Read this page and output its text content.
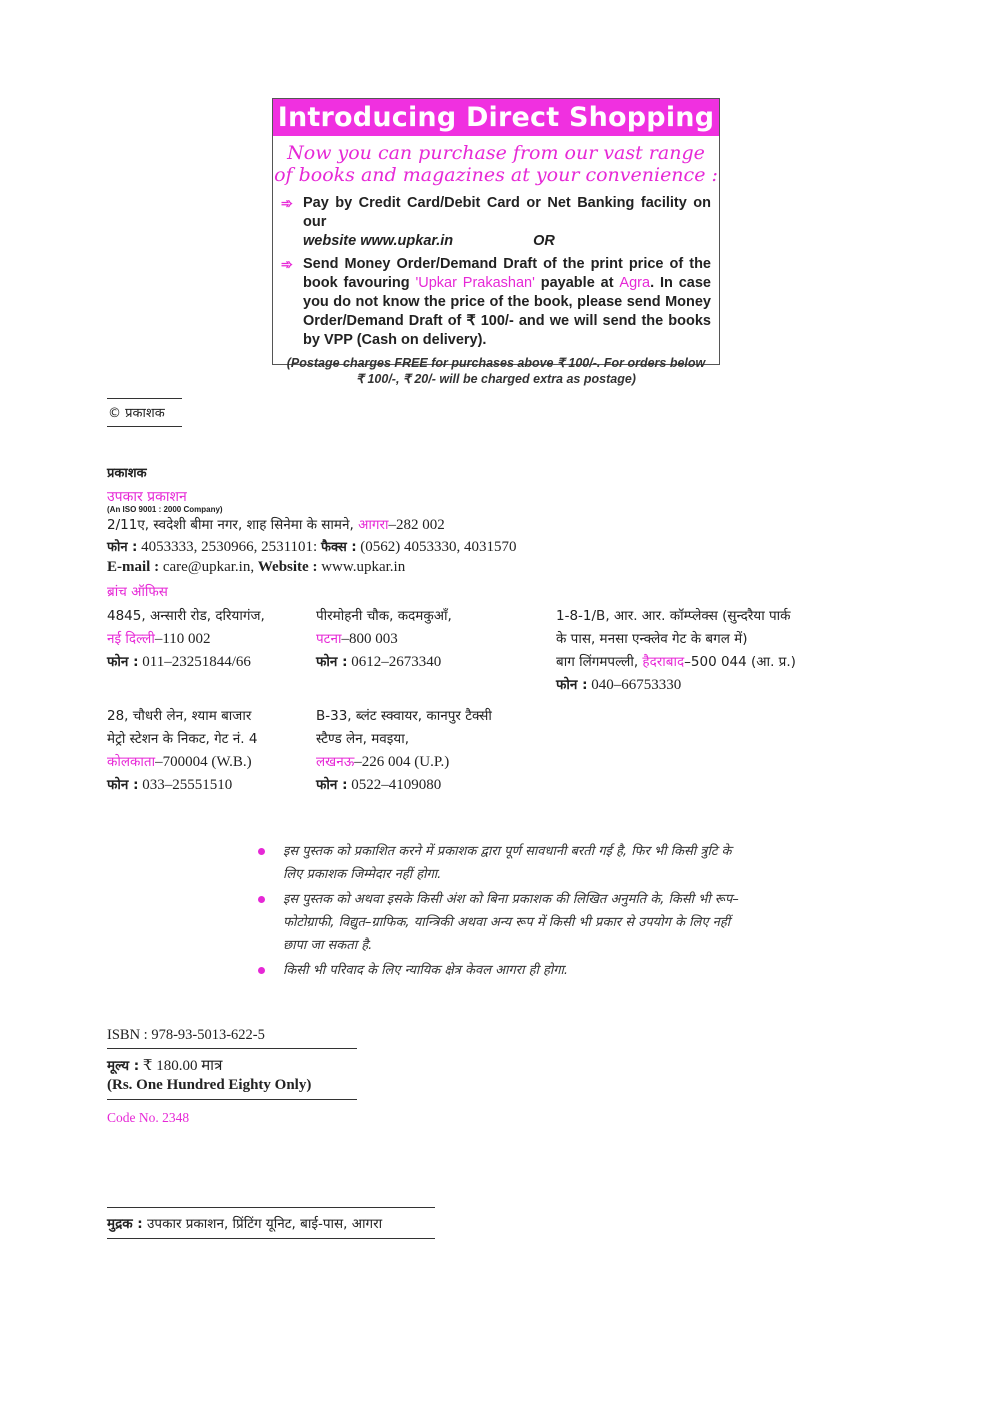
Introducing Direct Shopping
Now you can purchase from our vast range
of books and magazines at your convenience :
➾ Pay by Credit Card/Debit Card or Net Banking facility on our
website www.upkar.in	OR
➾ Send Money Order/Demand Draft of the print price of the book favouring 'Upkar Prakashan' payable at Agra. In case you do not know the price of the book, please send Money Order/Demand Draft of ₹ 100/- and we will send the books by VPP (Cash on delivery).
(Postage charges FREE for purchases above ₹ 100/-. For orders below
₹ 100/-, ₹ 20/- will be charged extra as postage)
© प्रकाशक
प्रकाशक
उपकार प्रकाशन
(An ISO 9001 : 2000 Company)
2/11ए, स्वदेशी बीमा नगर, शाह सिनेमा के सामने, आगरा–282 002
फोन : 4053333, 2530966, 2531101: फैक्स : (0562) 4053330, 4031570
E-mail : care@upkar.in, Website : www.upkar.in
ब्रांच ऑफिस
4845, अन्सारी रोड, दरियागंज,
नई दिल्ली–110 002
फोन : 011–23251844/66
पीरमोहनी चौक, कदमकुआँ,
पटना–800 003
फोन : 0612–2673340
1-8-1/B, आर. आर. कॉम्प्लेक्स (सुन्दरैया पार्क
के पास, मनसा एन्क्लेव गेट के बगल में)
बाग लिंगमपल्ली, हैदराबाद–500 044 (आ. प्र.)
फोन : 040–66753330
28, चौधरी लेन, श्याम बाजार
मेट्रो स्टेशन के निकट, गेट नं. 4
कोलकाता–700004 (W.B.)
फोन : 033–25551510
B-33, ब्लंट स्क्वायर, कानपुर टैक्सी
स्टैण्ड लेन, मवइया,
लखनऊ–226 004 (U.P.)
फोन : 0522–4109080
इस पुस्तक को प्रकाशित करने में प्रकाशक द्वारा पूर्ण सावधानी बरती गई है, फिर भी किसी त्रुटि के लिए प्रकाशक जिम्मेदार नहीं होगा.
इस पुस्तक को अथवा इसके किसी अंश को बिना प्रकाशक की लिखित अनुमति के, किसी भी रूप–फोटोग्राफी, विद्युत–ग्राफिक, यान्त्रिकी अथवा अन्य रूप में किसी भी प्रकार से उपयोग के लिए नहीं छापा जा सकता है.
किसी भी परिवाद के लिए न्यायिक क्षेत्र केवल आगरा ही होगा.
ISBN : 978-93-5013-622-5
मूल्य : ₹ 180.00 मात्र
(Rs. One Hundred Eighty Only)
Code No. 2348
मुद्रक : उपकार प्रकाशन, प्रिंटिंग यूनिट, बाई-पास, आगरा
